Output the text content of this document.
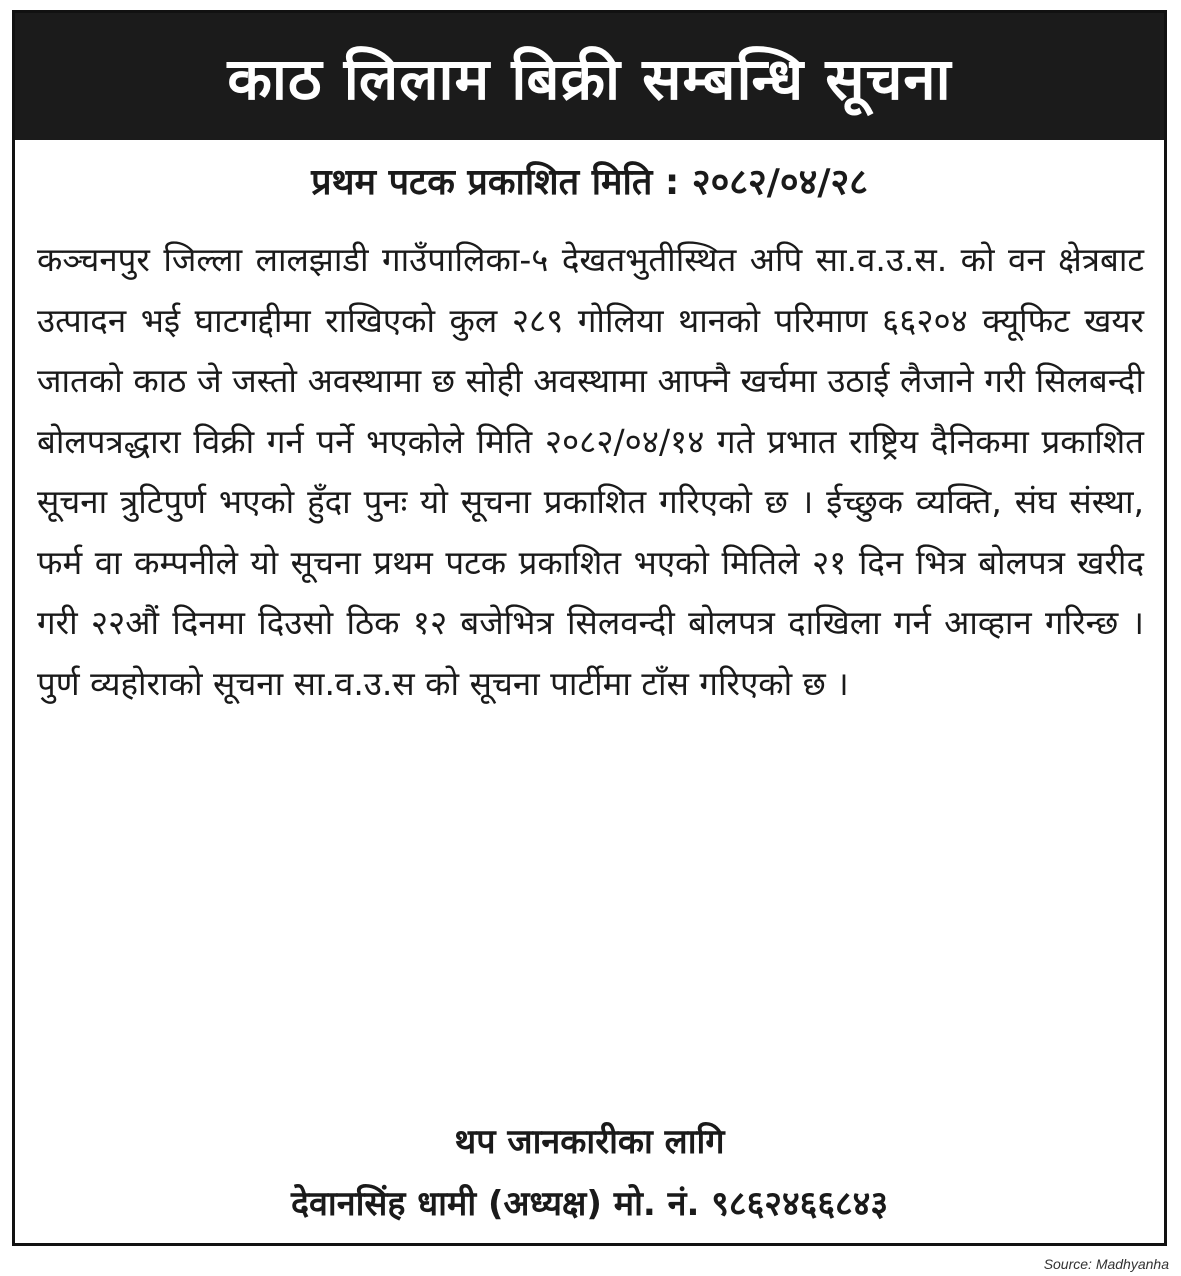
काठ लिलाम बिक्री सम्बन्धि सूचना
प्रथम पटक प्रकाशित मिति : २०८२/०४/२८
कञ्चनपुर जिल्ला लालझाडी गाउँपालिका-५ देखतभुतीस्थित अपि सा.व.उ.स. को वन क्षेत्रबाट उत्पादन भई घाटगद्दीमा राखिएको कुल २८९ गोलिया थानको परिमाण ६६२०४ क्यूफिट खयर जातको काठ जे जस्तो अवस्थामा छ सोही अवस्थामा आफ्नै खर्चमा उठाई लैजाने गरी सिलबन्दी बोलपत्रद्धारा विक्री गर्न पर्ने भएकोले मिति २०८२/०४/१४ गते प्रभात राष्ट्रिय दैनिकमा प्रकाशित सूचना त्रुटिपुर्ण भएको हुँदा पुनः यो सूचना प्रकाशित गरिएको छ । ईच्छुक व्यक्ति, संघ संस्था, फर्म वा कम्पनीले यो सूचना प्रथम पटक प्रकाशित भएको मितिले २१ दिन भित्र बोलपत्र खरीद गरी २२औं दिनमा दिउसो ठिक १२ बजेभित्र सिलवन्दी बोलपत्र दाखिला गर्न आव्हान गरिन्छ । पुर्ण व्यहोराको सूचना सा.व.उ.स को सूचना पार्टीमा टाँस गरिएको छ ।
थप जानकारीका लागि
देवानसिंह धामी (अध्यक्ष) मो. नं. ९८६२४६६८४३
Source: Madhyanha
